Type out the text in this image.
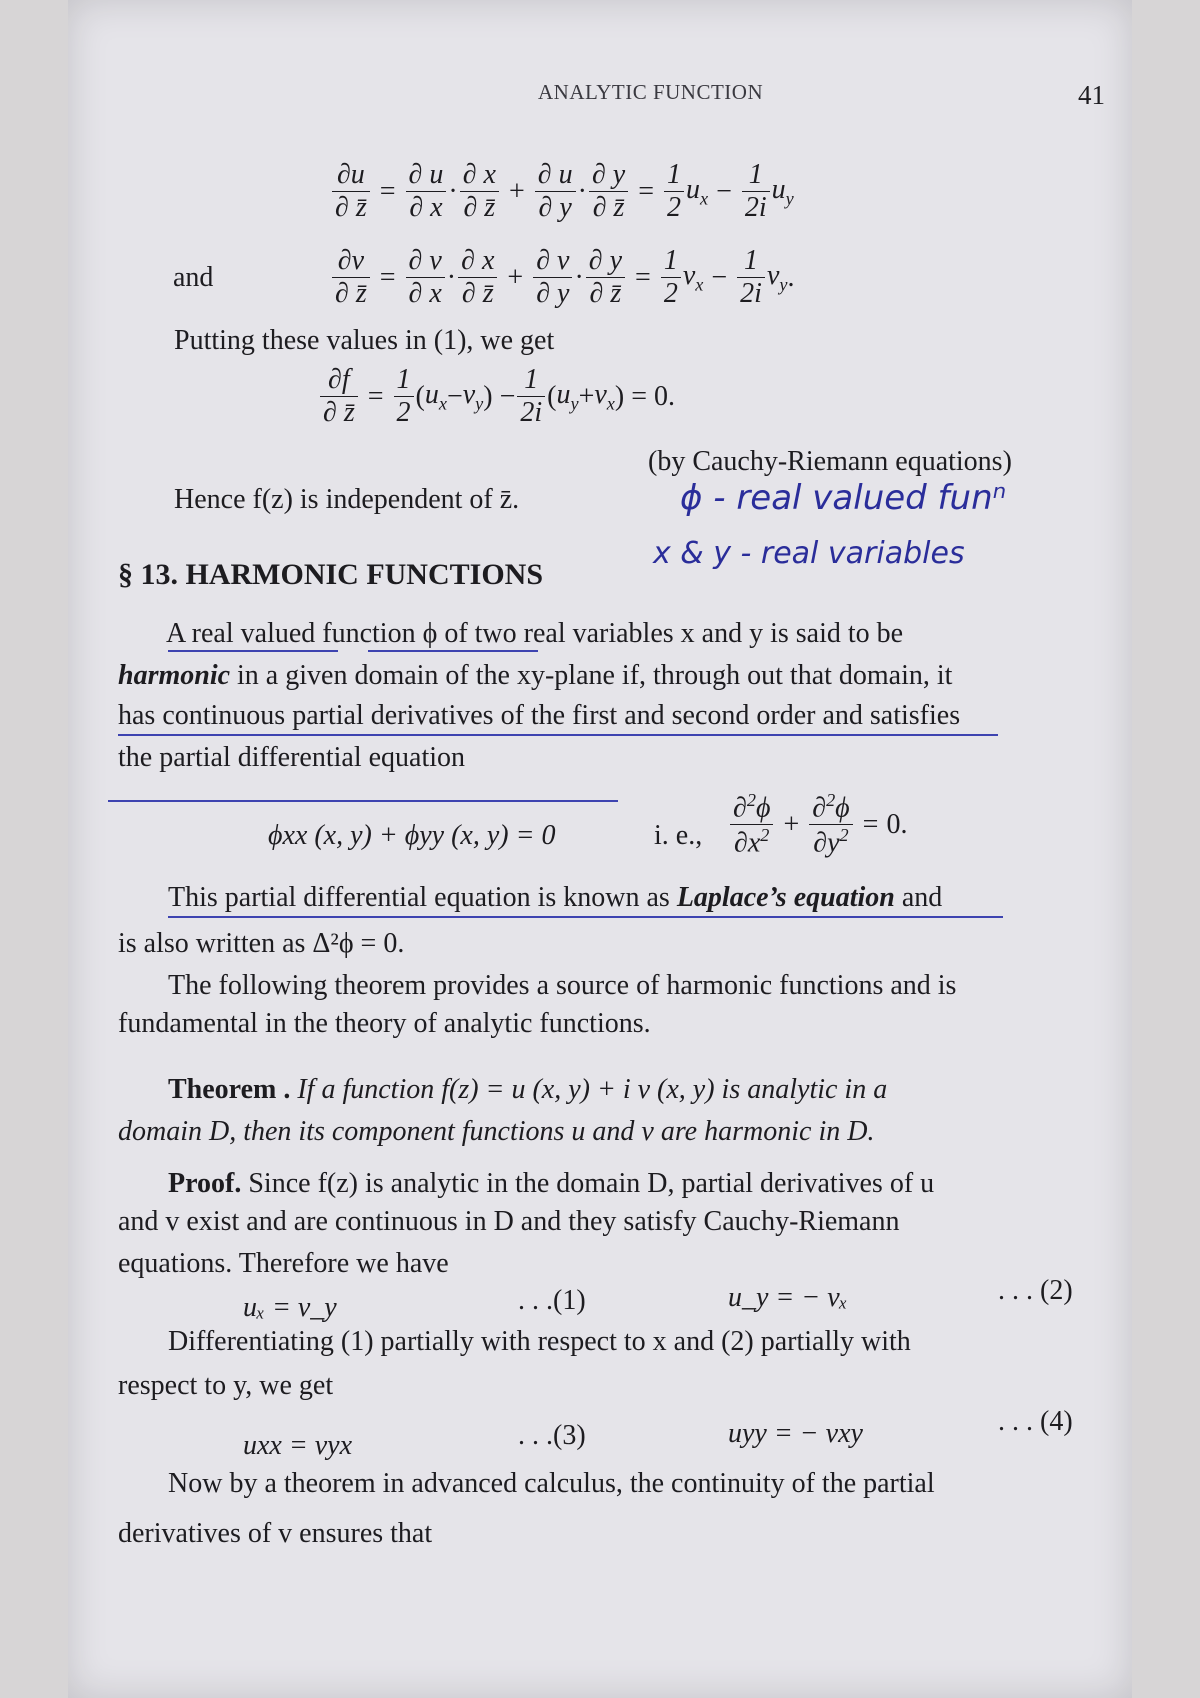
ANALYTIC FUNCTION	41
$\frac{\partial u}{\partial z̄} = \frac{\partial u}{\partial x} \cdot \frac{\partial x}{\partial z̄} + \frac{\partial u}{\partial y} \cdot \frac{\partial y}{\partial z̄} = \frac{1}{2} u_x - \frac{1}{2i} u_y$
and	$\frac{\partial v}{\partial z̄} = \frac{\partial v}{\partial x} \cdot \frac{\partial x}{\partial z̄} + \frac{\partial v}{\partial y} \cdot \frac{\partial y}{\partial z̄} = \frac{1}{2} v_x - \frac{1}{2i} v_y$ .
Putting these values in (1), we get
$\frac{\partial f}{\partial z̄} = \frac{1}{2}$ ( $u_x - v_y$ ) − $\frac{1}{2i}$ ( $u_y + v_x$ ) = 0.
(by Cauchy-Riemann equations)
Hence f(z) is independent of z̄.	ϕ - real valued funⁿ
x & y - real variables
§ 13. HARMONIC FUNCTIONS
A real valued function ϕ of two real variables x and y is said to be
harmonic in a given domain of the xy-plane if, through out that domain, it
has continuous partial derivatives of the first and second order and satisfies
the partial differential equation
ϕxx (x, y) + ϕyy (x, y) = 0	i. e., $\frac{\partial^2\phi}{\partial x^2} + \frac{\partial^2\phi}{\partial y^2} = 0$.
This partial differential equation is known as Laplace’s equation and
is also written as Δ²ϕ = 0.
The following theorem provides a source of harmonic functions and is
fundamental in the theory of analytic functions.
Theorem . If a function f(z) = u (x, y) + i v (x, y) is analytic in a
domain D, then its component functions u and v are harmonic in D.
Proof. Since f(z) is analytic in the domain D, partial derivatives of u
and v exist and are continuous in D and they satisfy Cauchy-Riemann
equations. Therefore we have
uₓ = v_y	. . .(1)	u_y = − vₓ	. . . (2)
Differentiating (1) partially with respect to x and (2) partially with
respect to y, we get
uxx = vyx	. . .(3)	uyy = − vxy	. . . (4)
Now by a theorem in advanced calculus, the continuity of the partial
derivatives of v ensures that
